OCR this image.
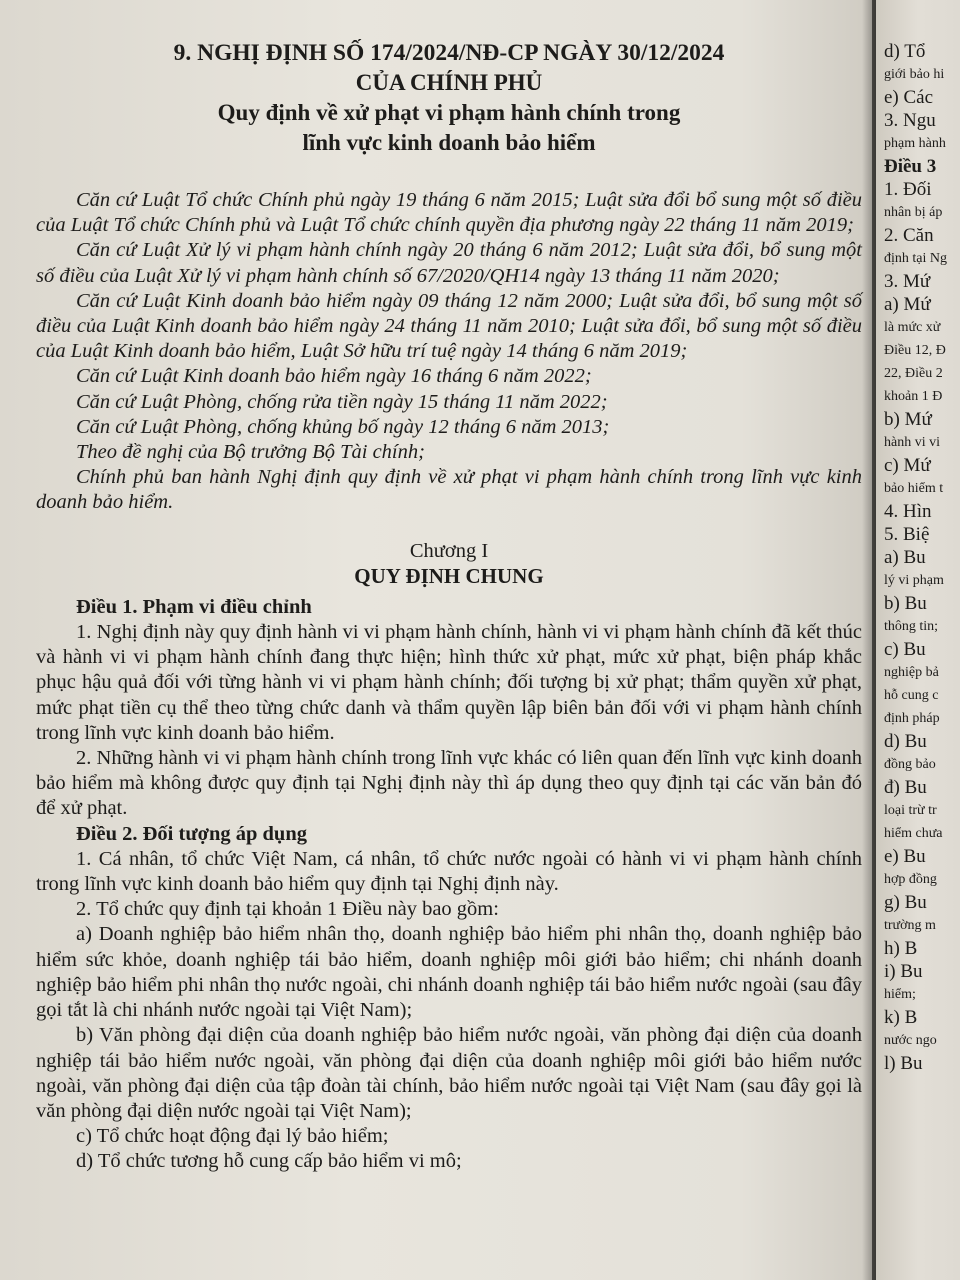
9. NGHỊ ĐỊNH SỐ 174/2024/NĐ-CP NGÀY 30/12/2024

CỦA CHÍNH PHỦ

Quy định về xử phạt vi phạm hành chính trong

lĩnh vực kinh doanh bảo hiểm

Căn cứ Luật Tổ chức Chính phủ ngày 19 tháng 6 năm 2015; Luật sửa đổi bổ sung một số điều của Luật Tổ chức Chính phủ và Luật Tổ chức chính quyền địa phương ngày 22 tháng 11 năm 2019;

Căn cứ Luật Xử lý vi phạm hành chính ngày 20 tháng 6 năm 2012; Luật sửa đổi, bổ sung một số điều của Luật Xử lý vi phạm hành chính số 67/2020/QH14 ngày 13 tháng 11 năm 2020;

Căn cứ Luật Kinh doanh bảo hiểm ngày 09 tháng 12 năm 2000; Luật sửa đổi, bổ sung một số điều của Luật Kinh doanh bảo hiểm ngày 24 tháng 11 năm 2010; Luật sửa đổi, bổ sung một số điều của Luật Kinh doanh bảo hiểm, Luật Sở hữu trí tuệ ngày 14 tháng 6 năm 2019;

Căn cứ Luật Kinh doanh bảo hiểm ngày 16 tháng 6 năm 2022;

Căn cứ Luật Phòng, chống rửa tiền ngày 15 tháng 11 năm 2022;

Căn cứ Luật Phòng, chống khủng bố ngày 12 tháng 6 năm 2013;

Theo đề nghị của Bộ trưởng Bộ Tài chính;

Chính phủ ban hành Nghị định quy định về xử phạt vi phạm hành chính trong lĩnh vực kinh doanh bảo hiểm.

Chương I

QUY ĐỊNH CHUNG

Điều 1. Phạm vi điều chỉnh

1. Nghị định này quy định hành vi vi phạm hành chính, hành vi vi phạm hành chính đã kết thúc và hành vi vi phạm hành chính đang thực hiện; hình thức xử phạt, mức xử phạt, biện pháp khắc phục hậu quả đối với từng hành vi vi phạm hành chính; đối tượng bị xử phạt; thẩm quyền xử phạt, mức phạt tiền cụ thể theo từng chức danh và thẩm quyền lập biên bản đối với vi phạm hành chính trong lĩnh vực kinh doanh bảo hiểm.

2. Những hành vi vi phạm hành chính trong lĩnh vực khác có liên quan đến lĩnh vực kinh doanh bảo hiểm mà không được quy định tại Nghị định này thì áp dụng theo quy định tại các văn bản đó để xử phạt.

Điều 2. Đối tượng áp dụng

1. Cá nhân, tổ chức Việt Nam, cá nhân, tổ chức nước ngoài có hành vi vi phạm hành chính trong lĩnh vực kinh doanh bảo hiểm quy định tại Nghị định này.

2. Tổ chức quy định tại khoản 1 Điều này bao gồm:

a) Doanh nghiệp bảo hiểm nhân thọ, doanh nghiệp bảo hiểm phi nhân thọ, doanh nghiệp bảo hiểm sức khỏe, doanh nghiệp tái bảo hiểm, doanh nghiệp môi giới bảo hiểm; chi nhánh doanh nghiệp bảo hiểm phi nhân thọ nước ngoài, chi nhánh doanh nghiệp tái bảo hiểm nước ngoài (sau đây gọi tắt là chi nhánh nước ngoài tại Việt Nam);

b) Văn phòng đại diện của doanh nghiệp bảo hiểm nước ngoài, văn phòng đại diện của doanh nghiệp tái bảo hiểm nước ngoài, văn phòng đại diện của doanh nghiệp môi giới bảo hiểm nước ngoài, văn phòng đại diện của tập đoàn tài chính, bảo hiểm nước ngoài tại Việt Nam (sau đây gọi là văn phòng đại diện nước ngoài tại Việt Nam);

c) Tổ chức hoạt động đại lý bảo hiểm;

d) Tổ chức tương hỗ cung cấp bảo hiểm vi mô;

d) Tổ
giới bảo hi
e) Các
3. Ngu
phạm hành
Điều 3
1. Đối
nhân bị áp
2. Căn
định tại Ng
3. Mứ
a) Mứ
là mức xử
Điều 12, Đ
22, Điều 2
khoản 1 Đ
b) Mứ
hành vi vi
c) Mứ
bảo hiểm t
4. Hìn
5. Biệ
a) Bu
lý vi phạm
b) Bu
thông tin;
c) Bu
nghiệp bả
hỗ cung c
định pháp
d) Bu
đồng bảo
đ) Bu
loại trừ tr
hiểm chưa
e) Bu
hợp đồng
g) Bu
trường m
h) B
i) Bu
hiểm;
k) B
nước ngo
l) Bu
